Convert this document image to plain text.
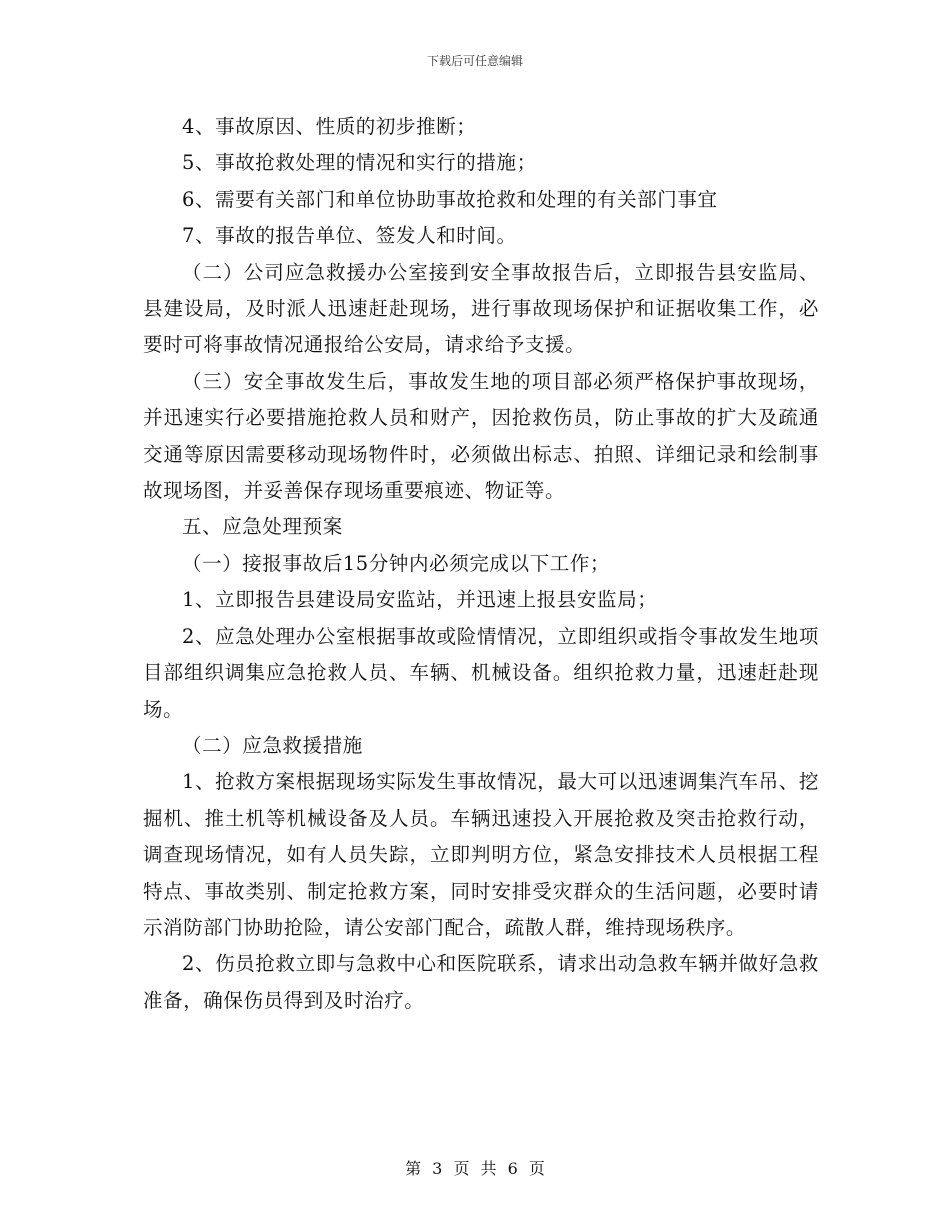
下载后可任意编辑

4、事故原因、性质的初步推断；

5、事故抢救处理的情况和实行的措施；

6、需要有关部门和单位协助事故抢救和处理的有关部门事宜

7、事故的报告单位、签发人和时间。

（二）公司应急救援办公室接到安全事故报告后，立即报告县安监局、县建设局，及时派人迅速赶赴现场，进行事故现场保护和证据收集工作，必要时可将事故情况通报给公安局，请求给予支援。

（三）安全事故发生后，事故发生地的项目部必须严格保护事故现场，并迅速实行必要措施抢救人员和财产，因抢救伤员，防止事故的扩大及疏通交通等原因需要移动现场物件时，必须做出标志、拍照、详细记录和绘制事故现场图，并妥善保存现场重要痕迹、物证等。

五、应急处理预案

（一）接报事故后15分钟内必须完成以下工作；

1、立即报告县建设局安监站，并迅速上报县安监局；

2、应急处理办公室根据事故或险情情况，立即组织或指令事故发生地项目部组织调集应急抢救人员、车辆、机械设备。组织抢救力量，迅速赶赴现场。

（二）应急救援措施

1、抢救方案根据现场实际发生事故情况，最大可以迅速调集汽车吊、挖掘机、推土机等机械设备及人员。车辆迅速投入开展抢救及突击抢救行动，调查现场情况，如有人员失踪，立即判明方位，紧急安排技术人员根据工程特点、事故类别、制定抢救方案，同时安排受灾群众的生活问题，必要时请示消防部门协助抢险，请公安部门配合，疏散人群，维持现场秩序。

2、伤员抢救立即与急救中心和医院联系，请求出动急救车辆并做好急救准备，确保伤员得到及时治疗。

第 3 页 共 6 页
